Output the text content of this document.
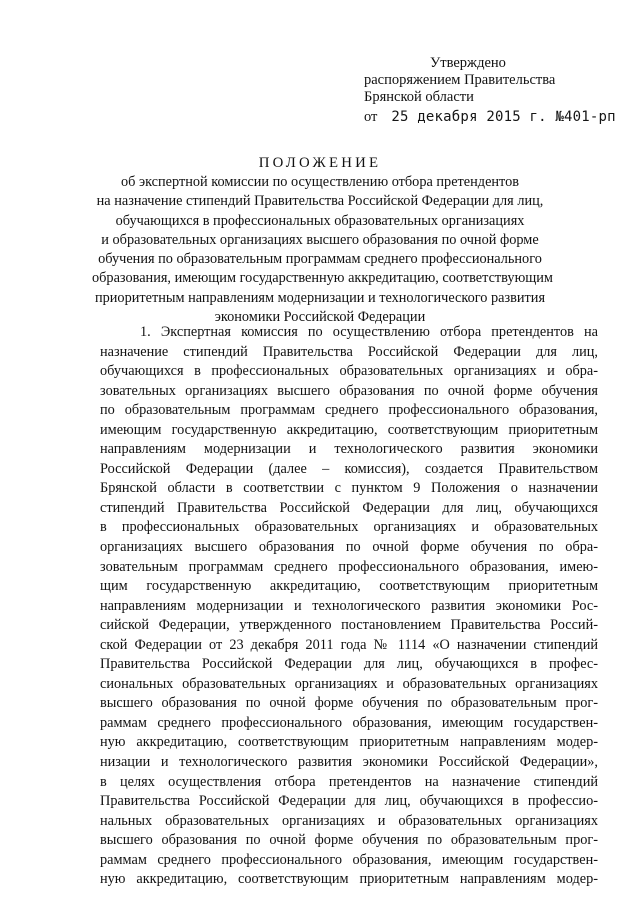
Утверждено
распоряжением Правительства
Брянской области
от 25 декабря 2015 г. №401-рп
ПОЛОЖЕНИЕ
об экспертной комиссии по осуществлению отбора претендентов
на назначение стипендий Правительства Российской Федерации для лиц,
обучающихся в профессиональных образовательных организациях
и образовательных организациях высшего образования по очной форме
обучения по образовательным программам среднего профессионального
образования, имеющим государственную аккредитацию, соответствующим
приоритетным направлениям модернизации и технологического развития
экономики Российской Федерации
1. Экспертная комиссия по осуществлению отбора претендентов на
назначение стипендий Правительства Российской Федерации для лиц,
обучающихся в профессиональных образовательных организациях и обра-
зовательных организациях высшего образования по очной форме обучения
по образовательным программам среднего профессионального образования,
имеющим государственную аккредитацию, соответствующим приоритетным
направлениям модернизации и технологического развития экономики
Российской Федерации (далее – комиссия), создается Правительством
Брянской области в соответствии с пунктом 9 Положения о назначении
стипендий Правительства Российской Федерации для лиц, обучающихся
в профессиональных образовательных организациях и образовательных
организациях высшего образования по очной форме обучения по обра-
зовательным программам среднего профессионального образования, имею-
щим государственную аккредитацию, соответствующим приоритетным
направлениям модернизации и технологического развития экономики Рос-
сийской Федерации, утвержденного постановлением Правительства Россий-
ской Федерации от 23 декабря 2011 года № 1114 «О назначении стипендий
Правительства Российской Федерации для лиц, обучающихся в профес-
сиональных образовательных организациях и образовательных организациях
высшего образования по очной форме обучения по образовательным прог-
раммам среднего профессионального образования, имеющим государствен-
ную аккредитацию, соответствующим приоритетным направлениям модер-
низации и технологического развития экономики Российской Федерации»,
в целях осуществления отбора претендентов на назначение стипендий
Правительства Российской Федерации для лиц, обучающихся в профессио-
нальных образовательных организациях и образовательных организациях
высшего образования по очной форме обучения по образовательным прог-
раммам среднего профессионального образования, имеющим государствен-
ную аккредитацию, соответствующим приоритетным направлениям модер-
